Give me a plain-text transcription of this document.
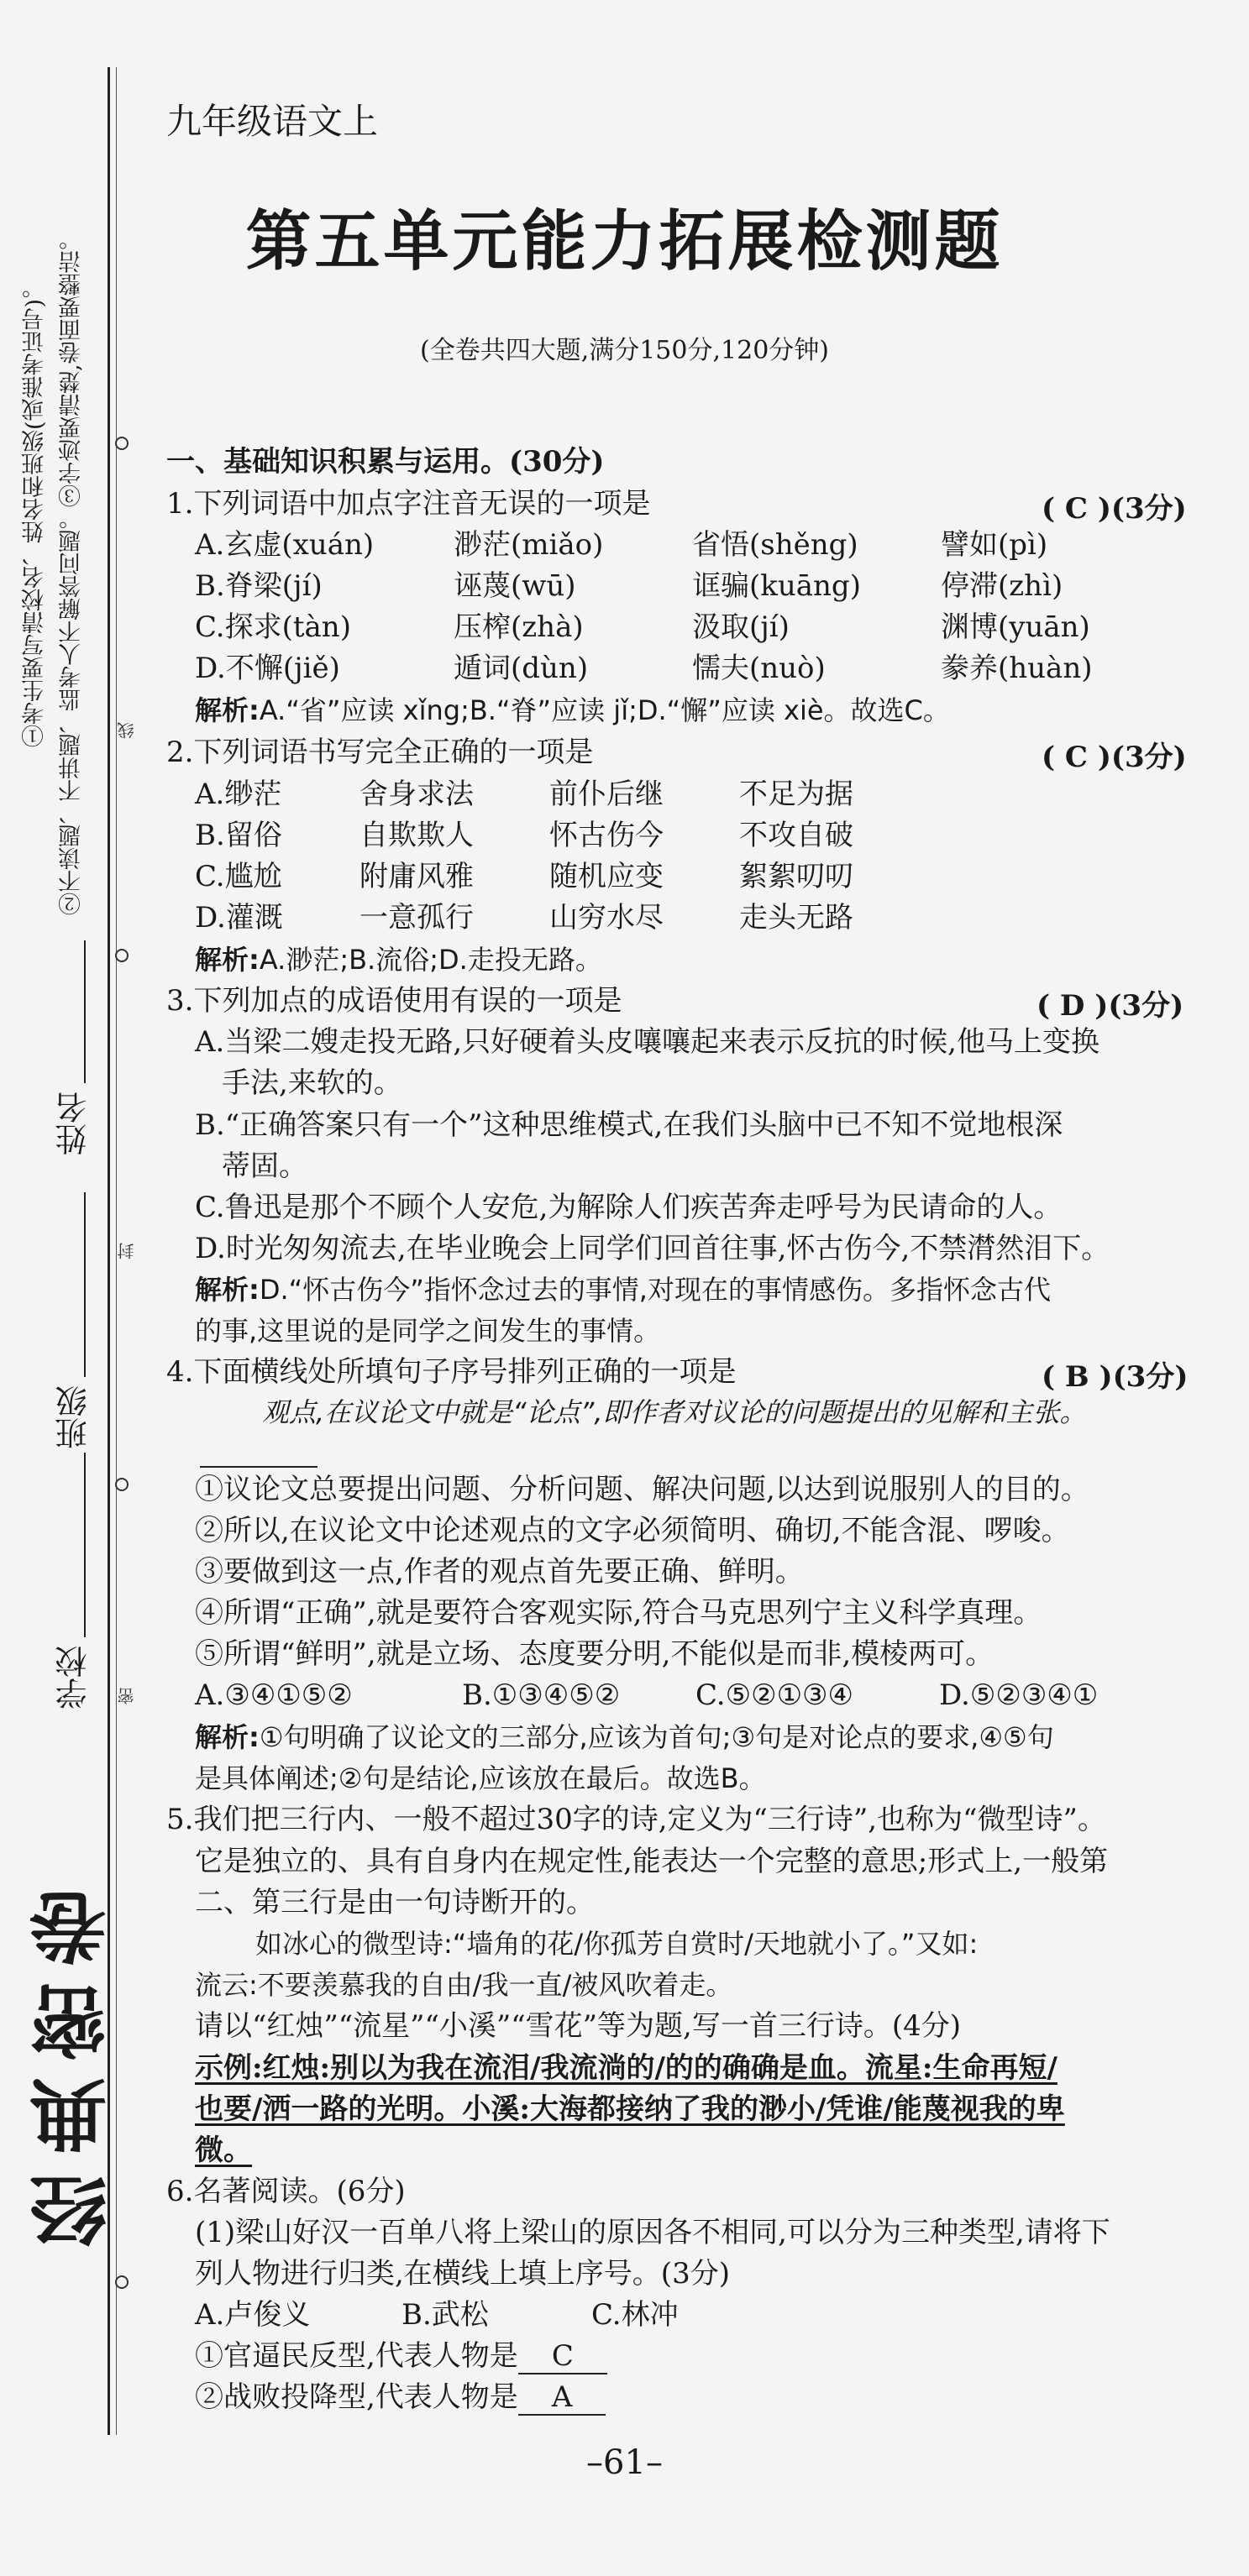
①考生要写清校名、姓名和班级(或准考证号)。 ②不读题、不讲题、监考人不解答问题。③字迹要清楚,卷面要整洁。 线
封
密
姓名
班级
学校
经典密卷
九年级语文上
第五单元能力拓展检测题
(全卷共四大题,满分150分,120分钟)
一、基础知识积累与运用。(30分)
1.下列词语中加点字注音无误的一项是	( C )(3分)
A.玄虚(xuán)	渺茫(miǎo)	省悟(shěng)	譬如(pì)
B.脊梁(jí)	诬蔑(wū)	诓骗(kuāng)	停滞(zhì)
C.探求(tàn)	压榨(zhà)	汲取(jí)	渊博(yuān)
D.不懈(jiě)	遁词(dùn)	懦夫(nuò)	豢养(huàn)
解析:A.“省”应读 xǐng;B.“脊”应读 jǐ;D.“懈”应读 xiè。故选C。
2.下列词语书写完全正确的一项是	( C )(3分)
A.缈茫	舍身求法	前仆后继	不足为据
B.留俗	自欺欺人	怀古伤今	不攻自破
C.尴尬	附庸风雅	随机应变	絮絮叨叨
D.灌溉	一意孤行	山穷水尽	走头无路
解析:A.渺茫;B.流俗;D.走投无路。
3.下列加点的成语使用有误的一项是	( D )(3分)
A.当梁二嫂走投无路,只好硬着头皮嚷嚷起来表示反抗的时候,他马上变换
手法,来软的。
B.“正确答案只有一个”这种思维模式,在我们头脑中已不知不觉地根深
蒂固。
C.鲁迅是那个不顾个人安危,为解除人们疾苦奔走呼号为民请命的人。
D.时光匆匆流去,在毕业晚会上同学们回首往事,怀古伤今,不禁潸然泪下。
解析:D.“怀古伤今”指怀念过去的事情,对现在的事情感伤。多指怀念古代
的事,这里说的是同学之间发生的事情。
4.下面横线处所填句子序号排列正确的一项是	( B )(3分)
观点,在议论文中就是“论点”,即作者对议论的问题提出的见解和主张。
①议论文总要提出问题、分析问题、解决问题,以达到说服别人的目的。
②所以,在议论文中论述观点的文字必须简明、确切,不能含混、啰唆。
③要做到这一点,作者的观点首先要正确、鲜明。
④所谓“正确”,就是要符合客观实际,符合马克思列宁主义科学真理。
⑤所谓“鲜明”,就是立场、态度要分明,不能似是而非,模棱两可。
A.③④①⑤②	B.①③④⑤②	C.⑤②①③④	D.⑤②③④①
解析:①句明确了议论文的三部分,应该为首句;③句是对论点的要求,④⑤句
是具体阐述;②句是结论,应该放在最后。故选B。
5.我们把三行内、一般不超过30字的诗,定义为“三行诗”,也称为“微型诗”。
它是独立的、具有自身内在规定性,能表达一个完整的意思;形式上,一般第
二、第三行是由一句诗断开的。
如冰心的微型诗:“墙角的花/你孤芳自赏时/天地就小了。”又如:
流云:不要羡慕我的自由/我一直/被风吹着走。
请以“红烛”“流星”“小溪”“雪花”等为题,写一首三行诗。(4分)
示例:红烛:别以为我在流泪/我流淌的/的的确确是血。流星:生命再短/
也要/洒一路的光明。小溪:大海都接纳了我的渺小/凭谁/能蔑视我的卑
微。
6.名著阅读。(6分)
(1)梁山好汉一百单八将上梁山的原因各不相同,可以分为三种类型,请将下
列人物进行归类,在横线上填上序号。(3分)
A.卢俊义	B.武松	C.林冲
①官逼民反型,代表人物是 C
②战败投降型,代表人物是 A
–61–
